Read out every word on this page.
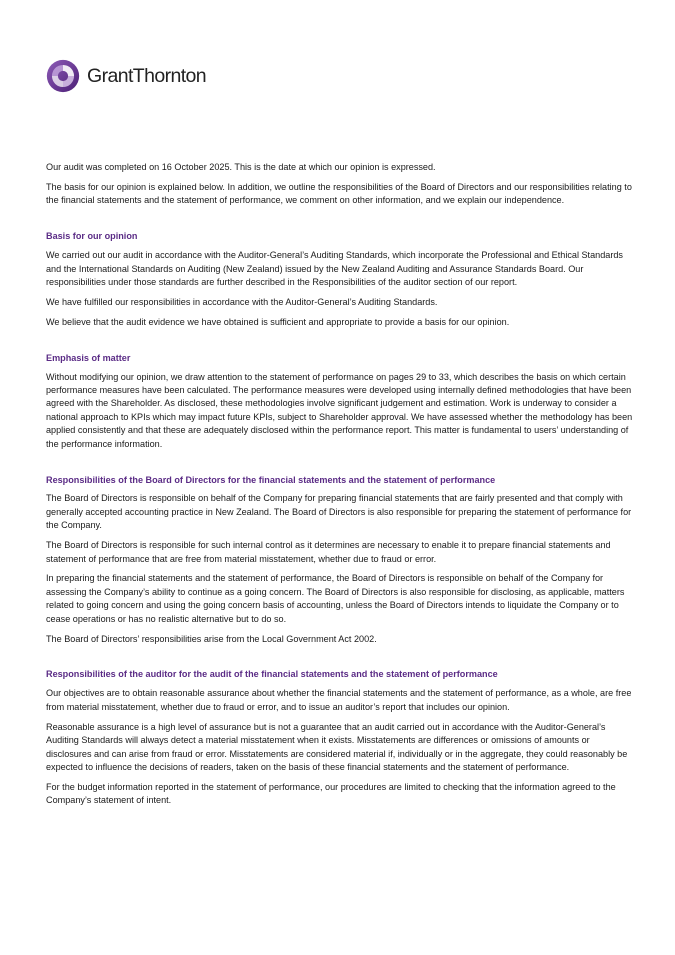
GrantThornton

Our audit was completed on 16 October 2025. This is the date at which our opinion is expressed.

The basis for our opinion is explained below. In addition, we outline the responsibilities of the Board of Directors and our responsibilities relating to the financial statements and the statement of performance, we comment on other information, and we explain our independence.

Basis for our opinion

We carried out our audit in accordance with the Auditor-General’s Auditing Standards, which incorporate the Professional and Ethical Standards and the International Standards on Auditing (New Zealand) issued by the New Zealand Auditing and Assurance Standards Board. Our responsibilities under those standards are further described in the Responsibilities of the auditor section of our report.

We have fulfilled our responsibilities in accordance with the Auditor-General’s Auditing Standards.

We believe that the audit evidence we have obtained is sufficient and appropriate to provide a basis for our opinion.

Emphasis of matter

Without modifying our opinion, we draw attention to the statement of performance on pages 29 to 33, which describes the basis on which certain performance measures have been calculated. The performance measures were developed using internally defined methodologies that have been agreed with the Shareholder. As disclosed, these methodologies involve significant judgement and estimation. Work is underway to consider a national approach to KPIs which may impact future KPIs, subject to Shareholder approval. We have assessed whether the methodology has been applied consistently and that these are adequately disclosed within the performance report. This matter is fundamental to users’ understanding of the performance information.

Responsibilities of the Board of Directors for the financial statements and the statement of performance

The Board of Directors is responsible on behalf of the Company for preparing financial statements that are fairly presented and that comply with generally accepted accounting practice in New Zealand. The Board of Directors is also responsible for preparing the statement of performance for the Company.

The Board of Directors is responsible for such internal control as it determines are necessary to enable it to prepare financial statements and statement of performance that are free from material misstatement, whether due to fraud or error.

In preparing the financial statements and the statement of performance, the Board of Directors is responsible on behalf of the Company for assessing the Company’s ability to continue as a going concern. The Board of Directors is also responsible for disclosing, as applicable, matters related to going concern and using the going concern basis of accounting, unless the Board of Directors intends to liquidate the Company or to cease operations or has no realistic alternative but to do so.

The Board of Directors’ responsibilities arise from the Local Government Act 2002.

Responsibilities of the auditor for the audit of the financial statements and the statement of performance

Our objectives are to obtain reasonable assurance about whether the financial statements and the statement of performance, as a whole, are free from material misstatement, whether due to fraud or error, and to issue an auditor’s report that includes our opinion.

Reasonable assurance is a high level of assurance but is not a guarantee that an audit carried out in accordance with the Auditor-General’s Auditing Standards will always detect a material misstatement when it exists. Misstatements are differences or omissions of amounts or disclosures and can arise from fraud or error. Misstatements are considered material if, individually or in the aggregate, they could reasonably be expected to influence the decisions of readers, taken on the basis of these financial statements and the statement of performance.

For the budget information reported in the statement of performance, our procedures are limited to checking that the information agreed to the Company’s statement of intent.
